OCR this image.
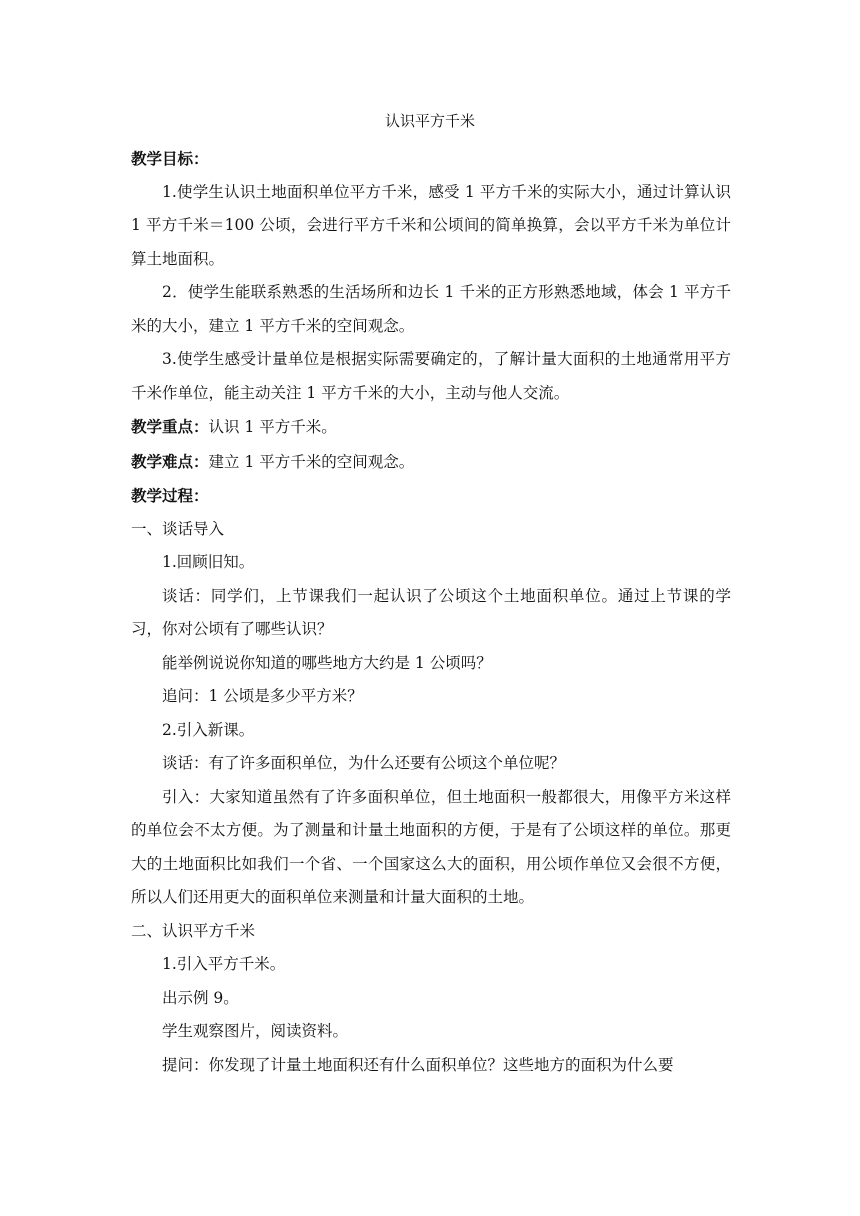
认识平方千米

教学目标：

1.使学生认识土地面积单位平方千米，感受 1 平方千米的实际大小，通过计算认识 1 平方千米＝100 公顷，会进行平方千米和公顷间的简单换算，会以平方千米为单位计算土地面积。

2．使学生能联系熟悉的生活场所和边长 1 千米的正方形熟悉地域，体会 1 平方千米的大小，建立 1 平方千米的空间观念。

3.使学生感受计量单位是根据实际需要确定的，了解计量大面积的土地通常用平方千米作单位，能主动关注 1 平方千米的大小，主动与他人交流。

教学重点：认识 1 平方千米。

教学难点：建立 1 平方千米的空间观念。

教学过程：

一、谈话导入

1.回顾旧知。

谈话：同学们，上节课我们一起认识了公顷这个土地面积单位。通过上节课的学习，你对公顷有了哪些认识？

能举例说说你知道的哪些地方大约是 1 公顷吗？

追问：1 公顷是多少平方米？

2.引入新课。

谈话：有了许多面积单位，为什么还要有公顷这个单位呢？

引入：大家知道虽然有了许多面积单位，但土地面积一般都很大，用像平方米这样的单位会不太方便。为了测量和计量土地面积的方便，于是有了公顷这样的单位。那更大的土地面积比如我们一个省、一个国家这么大的面积，用公顷作单位又会很不方便，所以人们还用更大的面积单位来测量和计量大面积的土地。

二、认识平方千米

1.引入平方千米。

出示例 9。

学生观察图片，阅读资料。

提问：你发现了计量土地面积还有什么面积单位？这些地方的面积为什么要
